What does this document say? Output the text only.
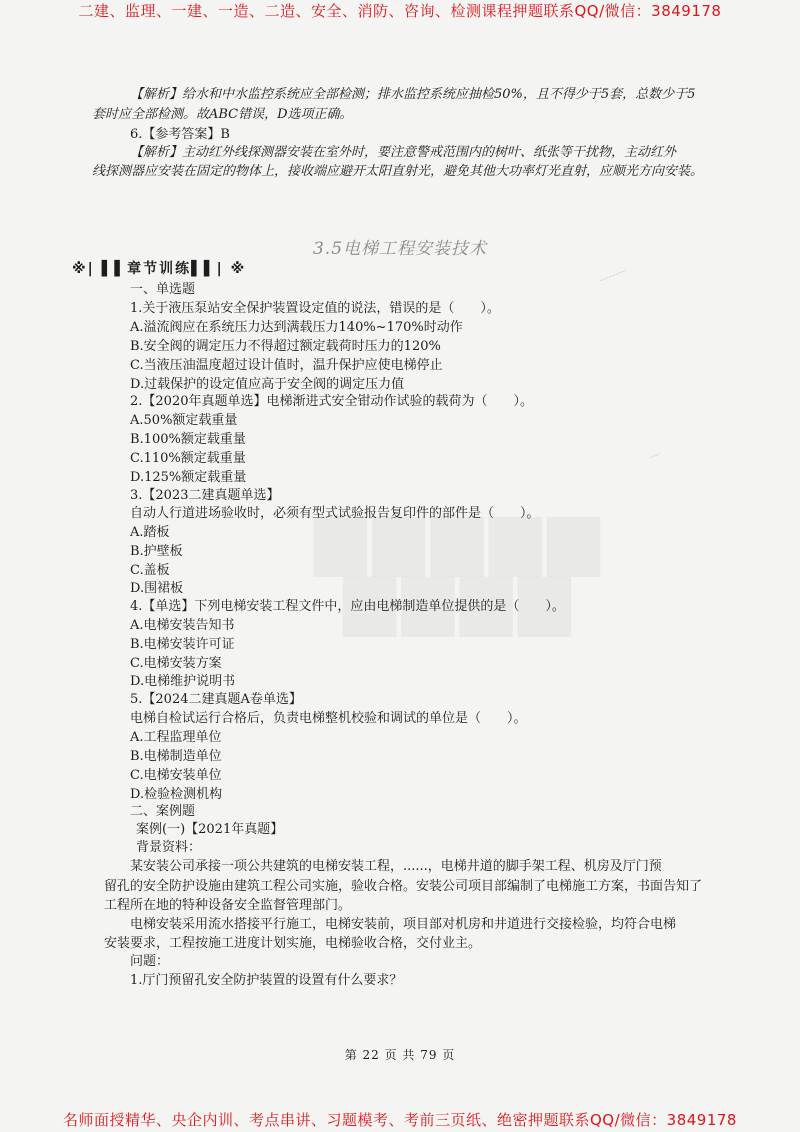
二建、监理、一建、一造、二造、安全、消防、咨询、检测课程押题联系QQ/微信：3849178
ᐧᐧᐧᐧᐧᐧᐧᐧᐧᐧᐧᐧᐧᐧᐧᐧᐧᐧ
ᐧᐧᐧᐧᐧᐧᐧ
【解析】给水和中水监控系统应全部检测；排水监控系统应抽检50%，且不得少于5套，总数少于5
套时应全部检测。故ABC错误，D选项正确。
6.【参考答案】B
【解析】主动红外线探测器安装在室外时，要注意警戒范围内的树叶、纸张等干扰物，主动红外
线探测器应安装在固定的物体上，接收端应避开太阳直射光，避免其他大功率灯光直射，应顺光方向安装。
3.5电梯工程安装技术
※| ▌▌章节训练▌▌| ※
一、单选题
1.关于液压泵站安全保护装置设定值的说法，错误的是（　　）。
A.溢流阀应在系统压力达到满载压力140%~170%时动作
B.安全阀的调定压力不得超过额定载荷时压力的120%
C.当液压油温度超过设计值时，温升保护应使电梯停止
D.过载保护的设定值应高于安全阀的调定压力值
2.【2020年真题单选】电梯渐进式安全钳动作试验的载荷为（　　）。
A.50%额定载重量
B.100%额定载重量
C.110%额定载重量
D.125%额定载重量
3.【2023二建真题单选】
自动人行道进场验收时，必须有型式试验报告复印件的部件是（　　）。
A.踏板
B.护壁板
C.盖板
D.围裙板
4.【单选】下列电梯安装工程文件中，应由电梯制造单位提供的是（　　）。
A.电梯安装告知书
B.电梯安装许可证
C.电梯安装方案
D.电梯维护说明书
5.【2024二建真题A卷单选】
电梯自检试运行合格后，负责电梯整机校验和调试的单位是（　　）。
A.工程监理单位
B.电梯制造单位
C.电梯安装单位
D.检验检测机构
二、案例题
案例(一)【2021年真题】
背景资料：
某安装公司承接一项公共建筑的电梯安装工程，......，电梯井道的脚手架工程、机房及厅门预
留孔的安全防护设施由建筑工程公司实施，验收合格。安装公司项目部编制了电梯施工方案，书面告知了
工程所在地的特种设备安全监督管理部门。
电梯安装采用流水搭接平行施工，电梯安装前，项目部对机房和井道进行交接检验，均符合电梯
安装要求，工程按施工进度计划实施，电梯验收合格，交付业主。
问题：
1.厅门预留孔安全防护装置的设置有什么要求？
第 22 页 共 79 页
名师面授精华、央企内训、考点串讲、习题模考、考前三页纸、绝密押题联系QQ/微信：3849178
